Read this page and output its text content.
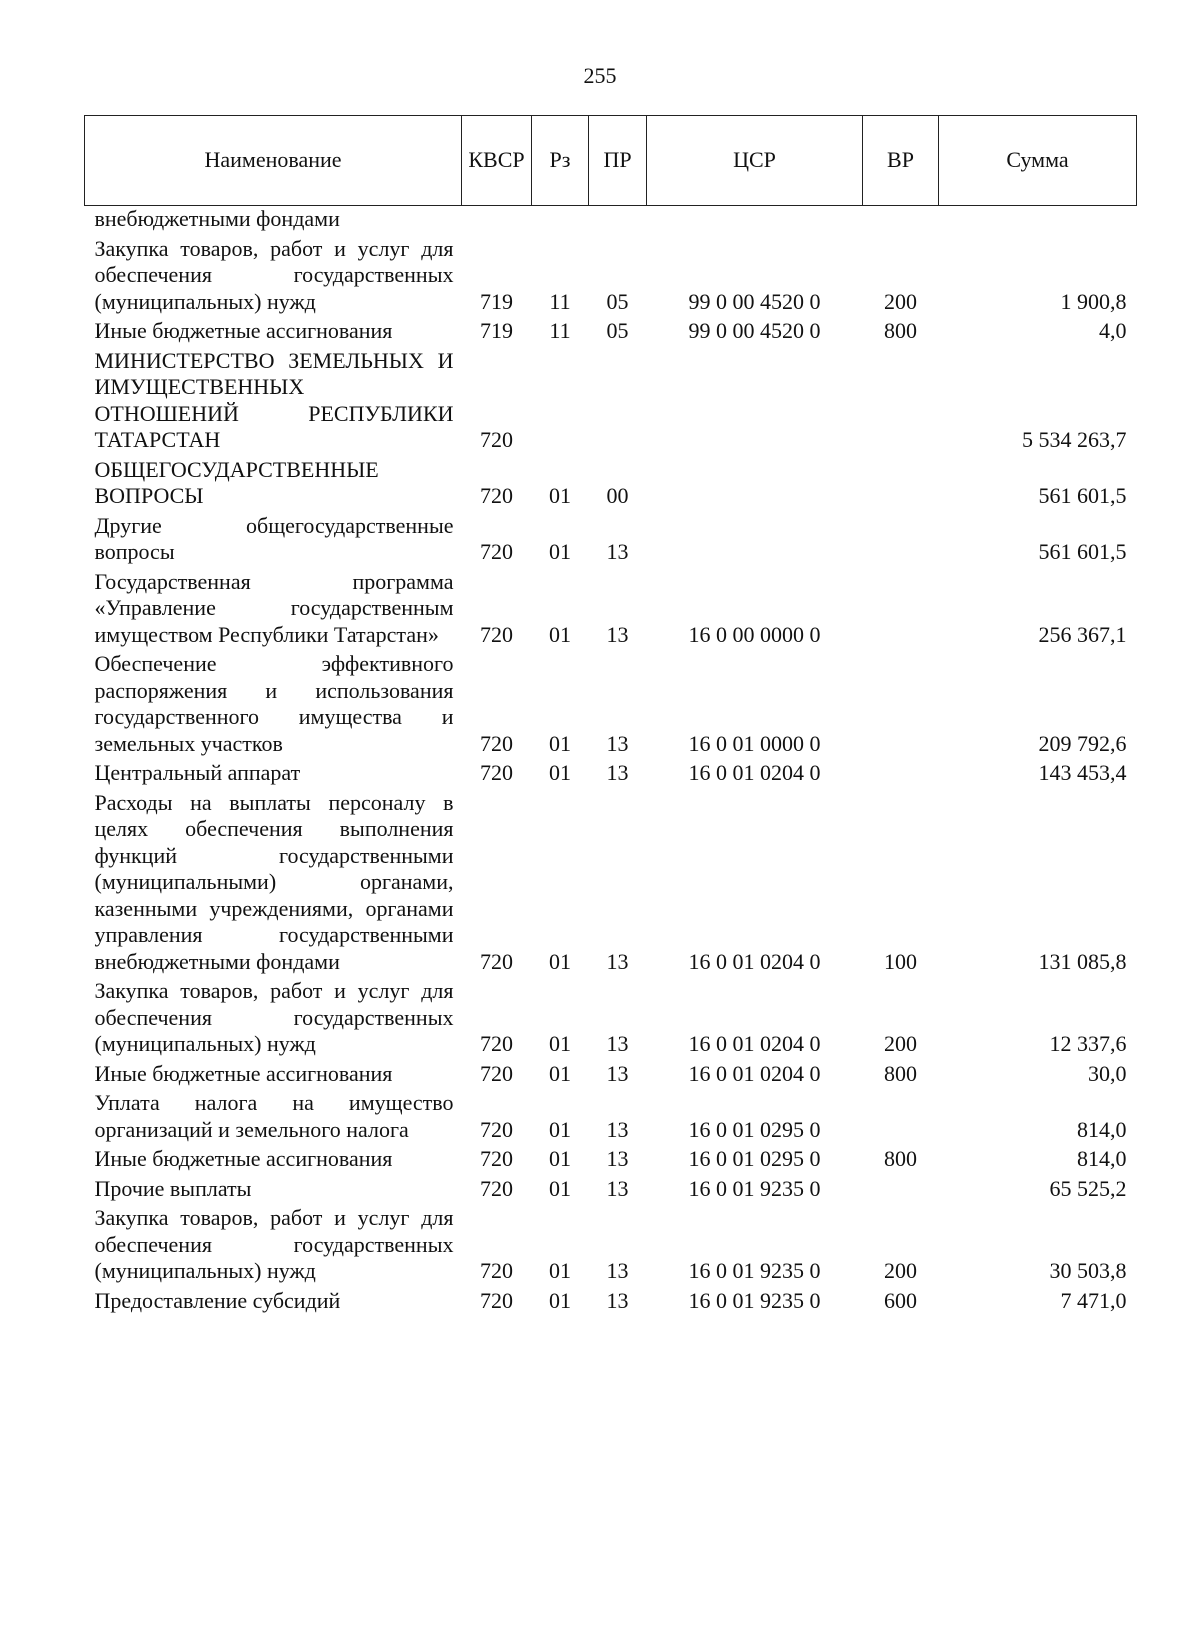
255
Наименование	КВСР	Рз	ПР	ЦСР	ВР	Сумма
внебюджетными фондами						
Закупка товаров, работ и услуг для обеспечения государственных (муниципальных) нужд	719	11	05	99 0 00 4520 0	200	1 900,8
Иные бюджетные ассигнования	719	11	05	99 0 00 4520 0	800	4,0
МИНИСТЕРСТВО ЗЕМЕЛЬНЫХ И ИМУЩЕСТВЕННЫХ ОТНОШЕНИЙ РЕСПУБЛИКИ ТАТАРСТАН	720					5 534 263,7
ОБЩЕГОСУДАРСТВЕННЫЕ ВОПРОСЫ	720	01	00			561 601,5
Другие общегосударственные вопросы	720	01	13			561 601,5
Государственная программа «Управление государственным имуществом Республики Татарстан»	720	01	13	16 0 00 0000 0		256 367,1
Обеспечение эффективного распоряжения и использования государственного имущества и земельных участков	720	01	13	16 0 01 0000 0		209 792,6
Центральный аппарат	720	01	13	16 0 01 0204 0		143 453,4
Расходы на выплаты персоналу в целях обеспечения выполнения функций государственными (муниципальными) органами, казенными учреждениями, органами управления государственными внебюджетными фондами	720	01	13	16 0 01 0204 0	100	131 085,8
Закупка товаров, работ и услуг для обеспечения государственных (муниципальных) нужд	720	01	13	16 0 01 0204 0	200	12 337,6
Иные бюджетные ассигнования	720	01	13	16 0 01 0204 0	800	30,0
Уплата налога на имущество организаций и земельного налога	720	01	13	16 0 01 0295 0		814,0
Иные бюджетные ассигнования	720	01	13	16 0 01 0295 0	800	814,0
Прочие выплаты	720	01	13	16 0 01 9235 0		65 525,2
Закупка товаров, работ и услуг для обеспечения государственных (муниципальных) нужд	720	01	13	16 0 01 9235 0	200	30 503,8
Предоставление субсидий	720	01	13	16 0 01 9235 0	600	7 471,0
